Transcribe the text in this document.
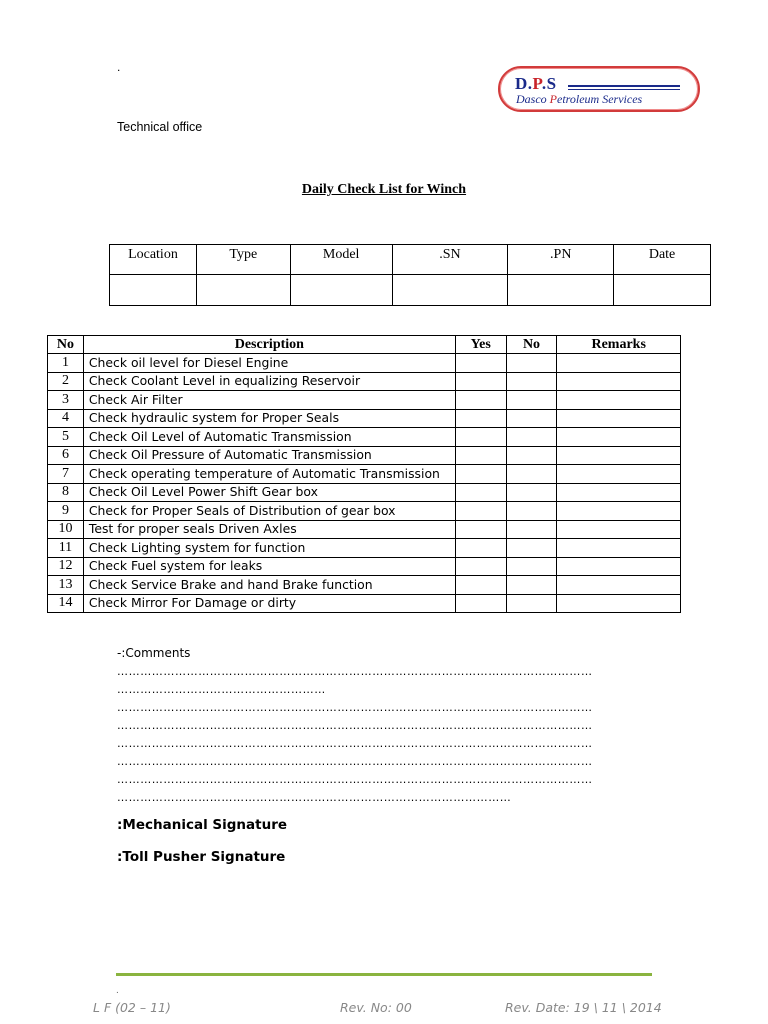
.
Technical office
D.P.S
Dasco Petroleum Services
Daily Check List for Winch
Location	Type	Model	.SN	.PN	Date

No	Description	Yes	No	Remarks
1	Check oil level for Diesel Engine			
2	Check Coolant Level in equalizing Reservoir			
3	Check Air Filter			
4	Check hydraulic system for Proper Seals			
5	Check Oil Level of Automatic Transmission			
6	Check Oil Pressure of Automatic Transmission			
7	Check operating temperature of Automatic Transmission			
8	Check Oil Level Power Shift Gear box			
9	Check for Proper Seals of Distribution of gear box			
10	Test for proper seals Driven Axles			
11	Check Lighting system for function			
12	Check Fuel system for leaks			
13	Check Service Brake and hand Brake function			
14	Check Mirror For Damage or dirty			
-:Comments
……………………………………………………………………………………………………………
………………………………………………
……………………………………………………………………………………………………………
……………………………………………………………………………………………………………
……………………………………………………………………………………………………………
……………………………………………………………………………………………………………
……………………………………………………………………………………………………………
…………………………………………………………………………………………
:Mechanical Signature
:Toll Pusher Signature
.
L F (02 – 11)	Rev. No: 00	Rev. Date: 19 \ 11 \ 2014
